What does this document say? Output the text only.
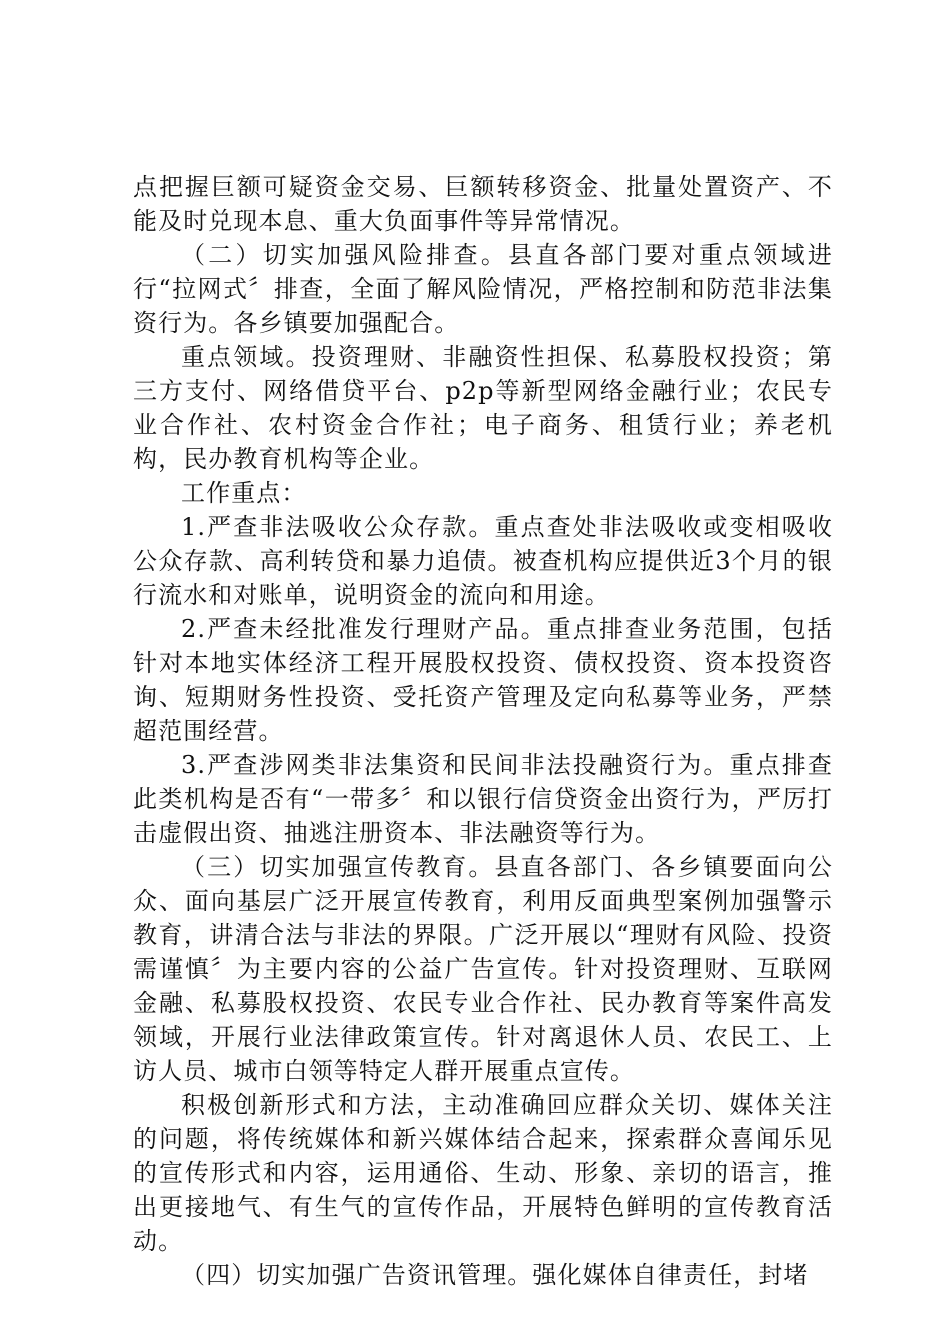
点把握巨额可疑资金交易、巨额转移资金、批量处置资产、不能及时兑现本息、重大负面事件等异常情况。

（二）切实加强风险排查。县直各部门要对重点领域进行“拉网式〞排查，全面了解风险情况，严格控制和防范非法集资行为。各乡镇要加强配合。

重点领域。投资理财、非融资性担保、私募股权投资；第三方支付、网络借贷平台、p2p等新型网络金融行业；农民专业合作社、农村资金合作社；电子商务、租赁行业；养老机构，民办教育机构等企业。

工作重点：

1.严查非法吸收公众存款。重点查处非法吸收或变相吸收公众存款、高利转贷和暴力追债。被查机构应提供近3个月的银行流水和对账单，说明资金的流向和用途。

2.严查未经批准发行理财产品。重点排查业务范围，包括针对本地实体经济工程开展股权投资、债权投资、资本投资咨询、短期财务性投资、受托资产管理及定向私募等业务，严禁超范围经营。

3.严查涉网类非法集资和民间非法投融资行为。重点排查此类机构是否有“一带多〞和以银行信贷资金出资行为，严厉打击虚假出资、抽逃注册资本、非法融资等行为。

（三）切实加强宣传教育。县直各部门、各乡镇要面向公众、面向基层广泛开展宣传教育，利用反面典型案例加强警示教育，讲清合法与非法的界限。广泛开展以“理财有风险、投资需谨慎〞为主要内容的公益广告宣传。针对投资理财、互联网金融、私募股权投资、农民专业合作社、民办教育等案件高发领域，开展行业法律政策宣传。针对离退休人员、农民工、上访人员、城市白领等特定人群开展重点宣传。

积极创新形式和方法，主动准确回应群众关切、媒体关注的问题，将传统媒体和新兴媒体结合起来，探索群众喜闻乐见的宣传形式和内容，运用通俗、生动、形象、亲切的语言，推出更接地气、有生气的宣传作品，开展特色鲜明的宣传教育活动。

（四）切实加强广告资讯管理。强化媒体自律责任，封堵
